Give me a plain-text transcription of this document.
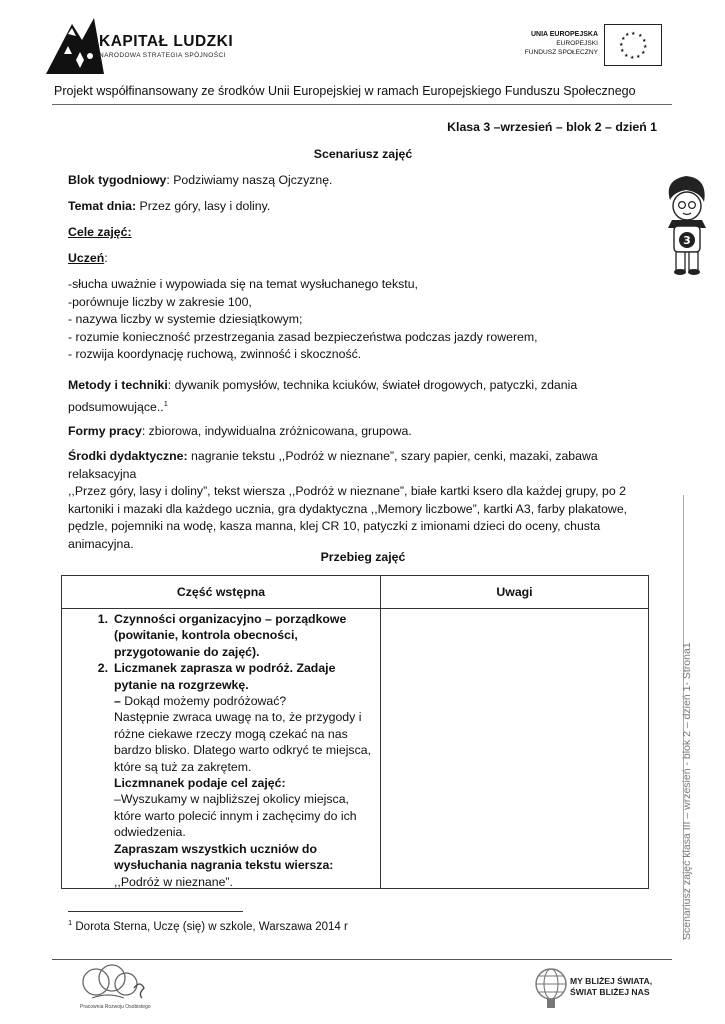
KAPITAŁ LUDZKI
NARODOWA STRATEGIA SPÓJNOŚCI
UNIA EUROPEJSKA
EUROPEJSKI
FUNDUSZ SPOŁECZNY
★ ★
★
★
★
★
★
★
★
★
★
★
Projekt współfinansowany ze środków Unii Europejskiej w ramach Europejskiego Funduszu Społecznego
3
Klasa 3 –wrzesień – blok 2 – dzień 1
Scenariusz zajęć
Blok tygodniowy: Podziwiamy naszą Ojczyznę.
Temat dnia: Przez góry, lasy i doliny.
Cele zajęć:
Uczeń:
-słucha uważnie i wypowiada się na temat wysłuchanego tekstu,
-porównuje liczby w zakresie 100,
- nazywa liczby w systemie dziesiątkowym;
- rozumie konieczność przestrzegania zasad bezpieczeństwa podczas jazdy rowerem,
- rozwija koordynację ruchową, zwinność i skoczność.
Metody i techniki: dywanik pomysłów, technika kciuków, świateł drogowych, patyczki, zdania
podsumowujące..$^1$
Formy pracy: zbiorowa, indywidualna zróżnicowana, grupowa.
Środki dydaktyczne: nagranie tekstu ,,Podróż w nieznane”, szary papier, cenki, mazaki, zabawa relaksacyjna
,,Przez góry, lasy i doliny”, tekst wiersza ,,Podróż w nieznane”, białe kartki ksero dla każdej grupy, po 2
kartoniki i mazaki dla każdego ucznia, gra dydaktyczna ,,Memory liczbowe”, kartki A3, farby plakatowe,
pędzle, pojemniki na wodę, kasza manna, klej CR 10, patyczki z imionami dzieci do oceny, chusta
animacyjna.
Przebieg zajęć
Część wstępna	Uwagi
1. Czynności organizacyjno – porządkowe (powitanie, kontrola obecności, przygotowanie do zajęć).
2. Liczmanek zaprasza w podróż. Zadaje pytanie na rozgrzewkę.
– Dokąd możemy podróżować?
Następnie zwraca uwagę na to, że przygody i różne ciekawe rzeczy mogą czekać na nas bardzo blisko. Dlatego warto odkryć te miejsca, które są tuż za zakrętem.
Liczmnanek podaje cel zajęć:
–Wyszukamy w najbliższej okolicy miejsca, które warto polecić innym i zachęcimy do ich odwiedzenia.
Zapraszam wszystkich uczniów do wysłuchania nagrania tekstu wiersza: ,,Podróż w nieznane”.
$^1$ Dorota Sterna, Uczę (się) w szkole, Warszawa 2014 r	Scenariusz zajęć klasa III – wrzesień - blok 2 – dzień 1- Strona1
Pracownia Rozwoju Osobistego
MY BLIŻEJ ŚWIATA,
ŚWIAT BLIŻEJ NAS
